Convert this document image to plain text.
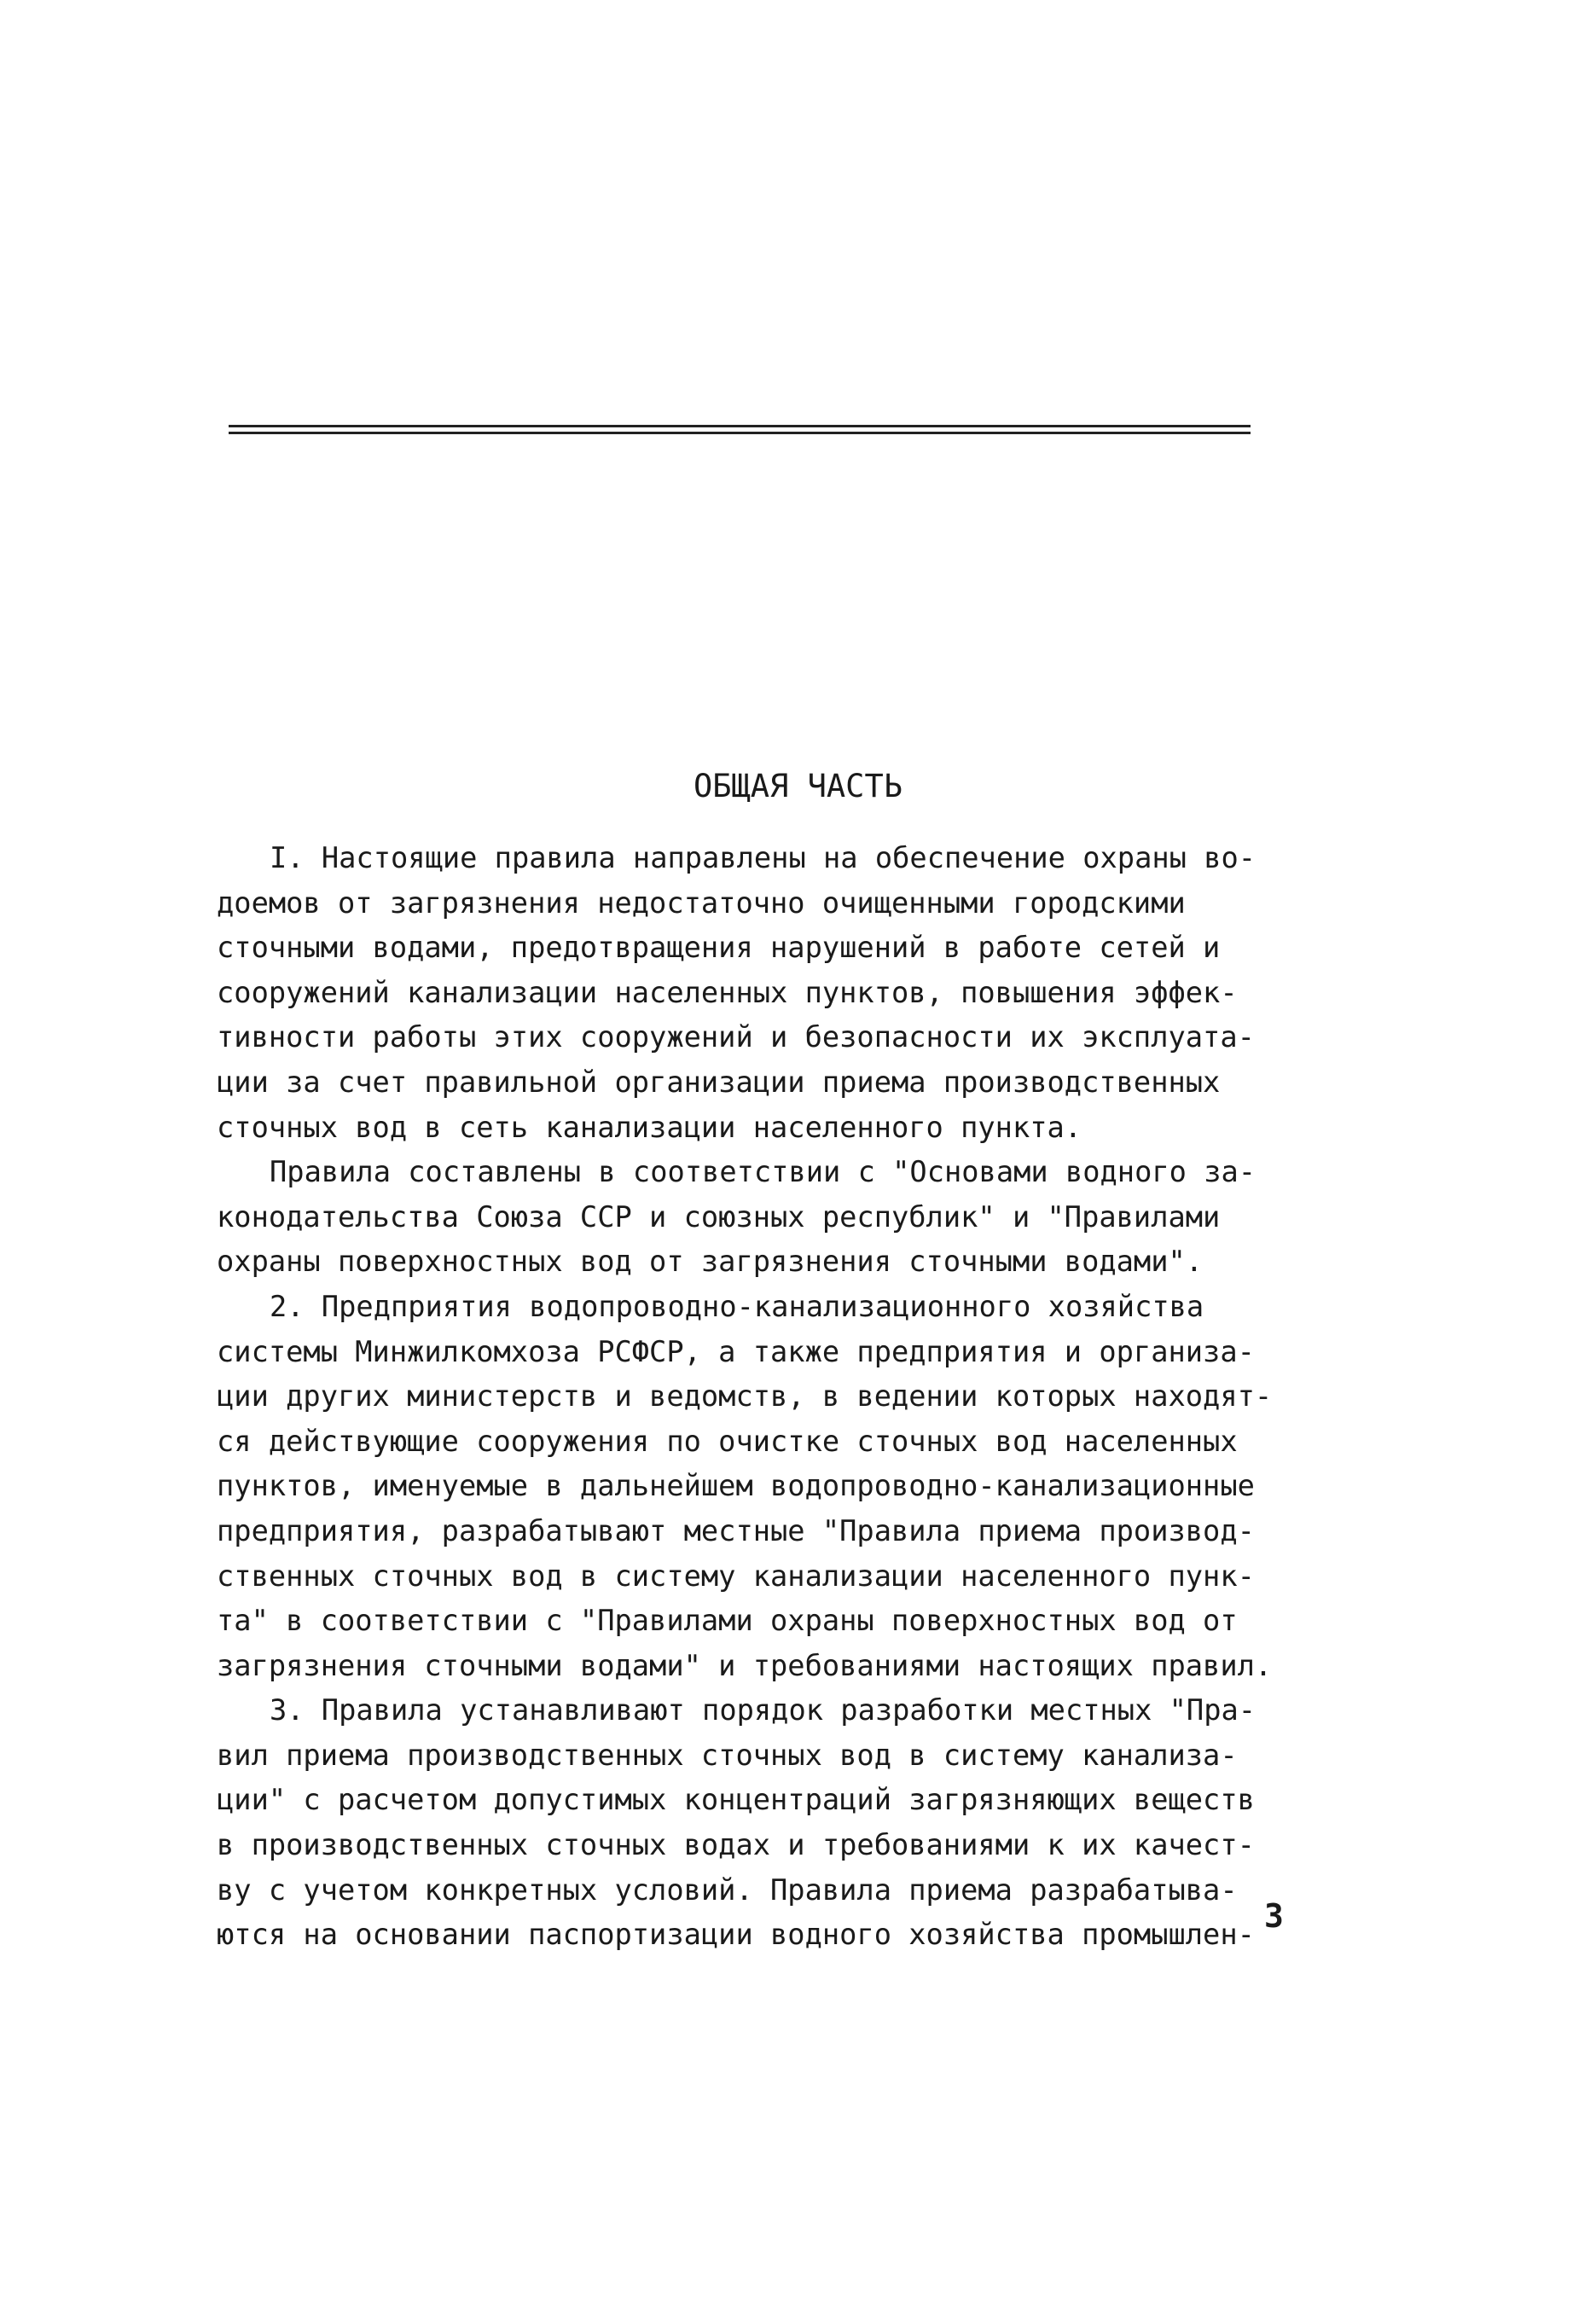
ОБЩАЯ ЧАСТЬ
I. Настоящие правила направлены на обеспечение охраны во-
доемов от загрязнения недостаточно очищенными городскими
сточными водами, предотвращения нарушений в работе сетей и
сооружений канализации населенных пунктов, повышения эффек-
тивности работы этих сооружений и безопасности их эксплуата-
ции за счет правильной организации приема производственных
сточных вод в сеть канализации населенного пункта.
Правила составлены в соответствии с "Основами водного за-
конодательства Союза ССР и союзных республик" и "Правилами
охраны поверхностных вод от загрязнения сточными водами".
2. Предприятия водопроводно-канализационного хозяйства
системы Минжилкомхоза РСФСР, а также предприятия и организа-
ции других министерств и ведомств, в ведении которых находят-
ся действующие сооружения по очистке сточных вод населенных
пунктов, именуемые в дальнейшем водопроводно-канализационные
предприятия, разрабатывают местные "Правила приема производ-
ственных сточных вод в систему канализации населенного пунк-
та" в соответствии с "Правилами охраны поверхностных вод от
загрязнения сточными водами" и требованиями настоящих правил.
3. Правила устанавливают порядок разработки местных "Пра-
вил приема производственных сточных вод в систему канализа-
ции" с расчетом допустимых концентраций загрязняющих веществ
в производственных сточных водах и требованиями к их качест-
ву с учетом конкретных условий. Правила приема разрабатыва-
ются на основании паспортизации водного хозяйства промышлен- 3
